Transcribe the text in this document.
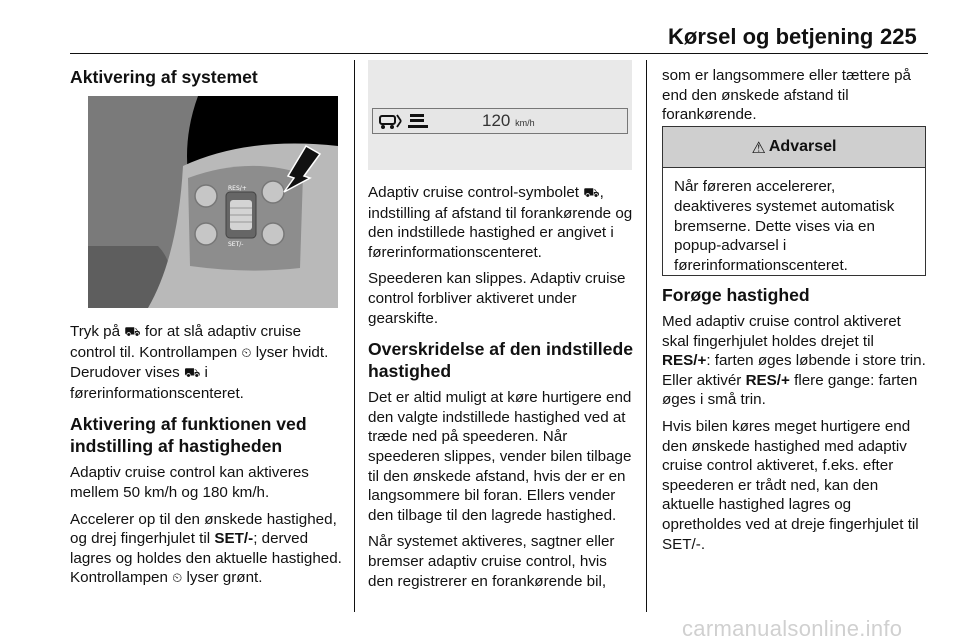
Kørsel og betjening 225
Aktivering af systemet
RES/+
SET/-

Tryk på ⛟ for at slå adaptiv cruise control til. Kontrollampen ⏲ lyser hvidt. Derudover vises ⛟ i førerinformationscenteret.

Aktivering af funktionen ved indstilling af hastigheden

Adaptiv cruise control kan aktiveres mellem 50 km/h og 180 km/h.

Accelerer op til den ønskede hastighed, og drej fingerhjulet til SET/-; derved lagres og holdes den aktuelle hastighed. Kontrollampen ⏲ lyser grønt.

120 km/h

Adaptiv cruise control-symbolet ⛟, indstilling af afstand til forankørende og den indstillede hastighed er angivet i førerinformationscenteret.

Speederen kan slippes. Adaptiv cruise control forbliver aktiveret under gearskifte.

Overskridelse af den indstillede hastighed

Det er altid muligt at køre hurtigere end den valgte indstillede hastighed ved at træde ned på speederen. Når speederen slippes, vender bilen tilbage til den ønskede afstand, hvis der er en langsommere bil foran. Ellers vender den tilbage til den lagrede hastighed.

Når systemet aktiveres, sagtner eller bremser adaptiv cruise control, hvis den registrerer en forankørende bil,

som er langsommere eller tættere på end den ønskede afstand til forankørende.

⚠ Advarsel
Når føreren accelererer, deaktiveres systemet automatisk bremserne. Dette vises via en popup-advarsel i førerinformationscenteret.
Forøge hastighed

Med adaptiv cruise control aktiveret skal fingerhjulet holdes drejet til

RES/+: farten øges løbende i store trin. Eller aktivér RES/+ flere gange: farten øges i små trin.

Hvis bilen køres meget hurtigere end den ønskede hastighed med adaptiv cruise control aktiveret, f.eks. efter speederen er trådt ned, kan den aktuelle hastighed lagres og opretholdes ved at dreje fingerhjulet til SET/-.

carmanualsonline.info
